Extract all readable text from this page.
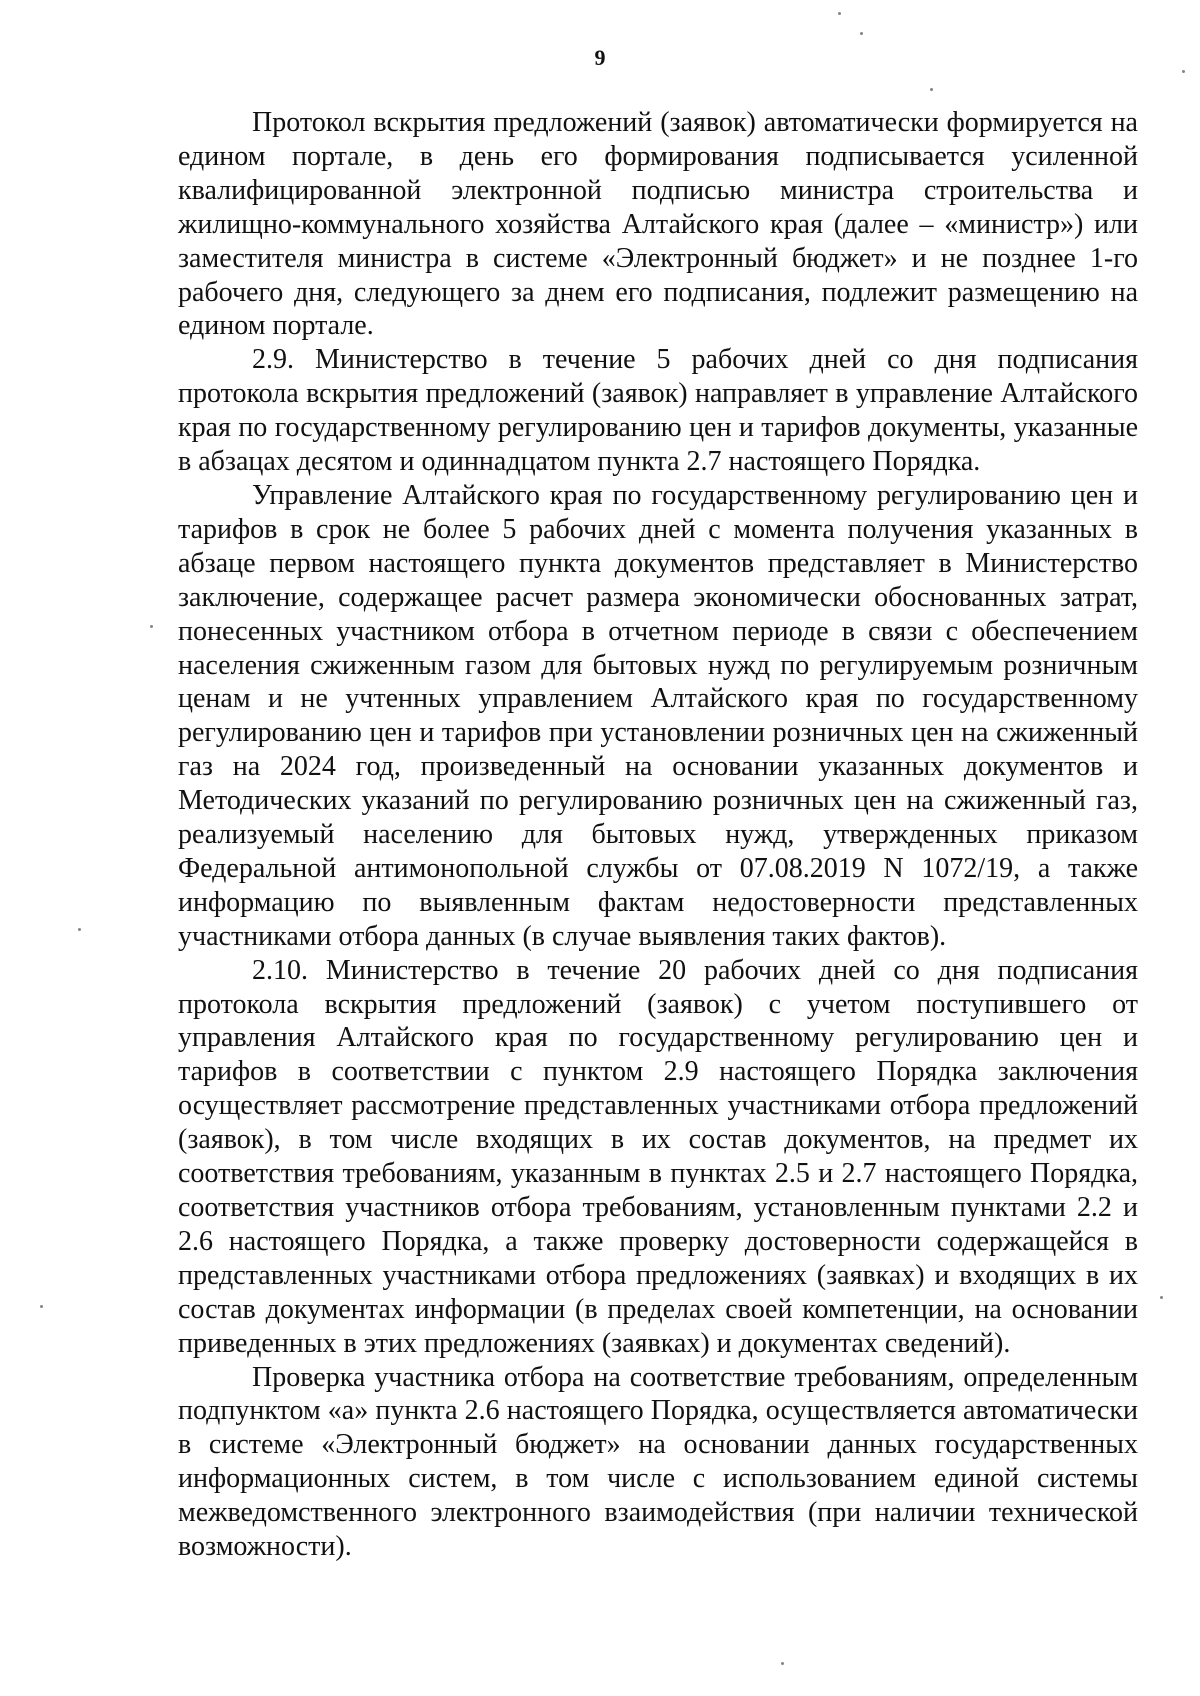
9

Протокол вскрытия предложений (заявок) автоматически формируется на едином портале, в день его формирования подписывается усиленной квалифицированной электронной подписью министра строительства и жилищно-коммунального хозяйства Алтайского края (далее – «министр») или заместителя министра в системе «Электронный бюджет» и не позднее 1-го рабочего дня, следующего за днем его подписания, подлежит размещению на едином портале.

2.9. Министерство в течение 5 рабочих дней со дня подписания протокола вскрытия предложений (заявок) направляет в управление Алтайского края по государственному регулированию цен и тарифов документы, указанные в абзацах десятом и одиннадцатом пункта 2.7 настоящего Порядка.

Управление Алтайского края по государственному регулированию цен и тарифов в срок не более 5 рабочих дней с момента получения указанных в абзаце первом настоящего пункта документов представляет в Министерство заключение, содержащее расчет размера экономически обоснованных затрат, понесенных участником отбора в отчетном периоде в связи с обеспечением населения сжиженным газом для бытовых нужд по регулируемым розничным ценам и не учтенных управлением Алтайского края по государственному регулированию цен и тарифов при установлении розничных цен на сжиженный газ на 2024 год, произведенный на основании указанных документов и Методических указаний по регулированию розничных цен на сжиженный газ, реализуемый населению для бытовых нужд, утвержденных приказом Федеральной антимонопольной службы от 07.08.2019 N 1072/19, а также информацию по выявленным фактам недостоверности представленных участниками отбора данных (в случае выявления таких фактов).

2.10. Министерство в течение 20 рабочих дней со дня подписания протокола вскрытия предложений (заявок) с учетом поступившего от управления Алтайского края по государственному регулированию цен и тарифов в соответствии с пунктом 2.9 настоящего Порядка заключения осуществляет рассмотрение представленных участниками отбора предложений (заявок), в том числе входящих в их состав документов, на предмет их соответствия требованиям, указанным в пунктах 2.5 и 2.7 настоящего Порядка, соответствия участников отбора требованиям, установленным пунктами 2.2 и 2.6 настоящего Порядка, а также проверку достоверности содержащейся в представленных участниками отбора предложениях (заявках) и входящих в их состав документах информации (в пределах своей компетенции, на основании приведенных в этих предложениях (заявках) и документах сведений).

Проверка участника отбора на соответствие требованиям, определенным подпунктом «а» пункта 2.6 настоящего Порядка, осуществляется автоматически в системе «Электронный бюджет» на основании данных государственных информационных систем, в том числе с использованием единой системы межведомственного электронного взаимодействия (при наличии технической возможности).
